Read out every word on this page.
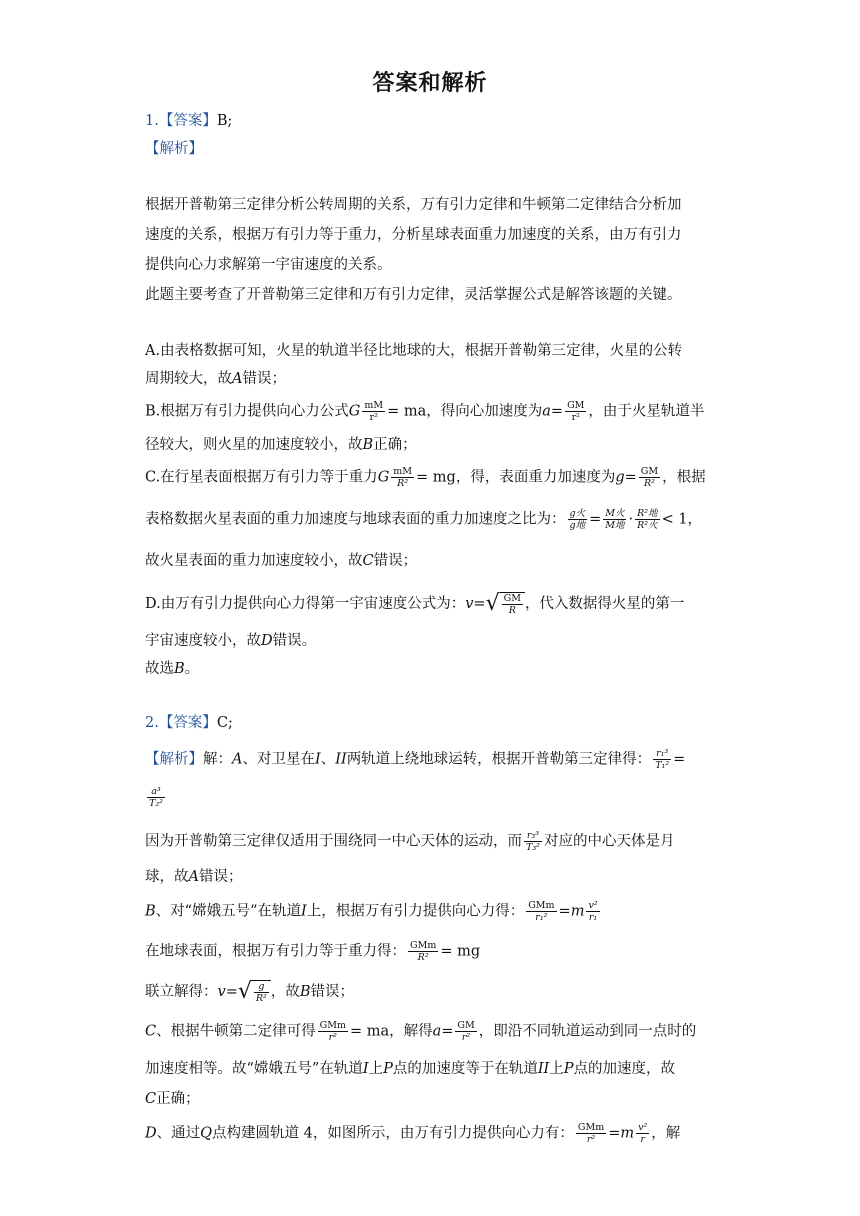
答案和解析
1.【答案】B;
【解析】
根据开普勒第三定律分析公转周期的关系，万有引力定律和牛顿第二定律结合分析加
速度的关系，根据万有引力等于重力，分析星球表面重力加速度的关系，由万有引力
提供向心力求解第一宇宙速度的关系。
此题主要考查了开普勒第三定律和万有引力定律，灵活掌握公式是解答该题的关键。
A.由表格数据可知，火星的轨道半径比地球的大，根据开普勒第三定律，火星的公转
周期较大，故A错误；
B.根据万有引力提供向心力公式G $\frac{mM}{\text{r²}}$ = ma，得向心加速度为$a= \frac{GM}{\text{r²}}$ ，由于火星轨道半
径较大，则火星的加速度较小，故B正确；
C.在行星表面根据万有引力等于重力G $\frac{mM}{\text{R²}}$ = mg，得，表面重力加速度为$g= \frac{GM}{\text{R²}}$ ，根据
表格数据火星表面的重力加速度与地球表面的重力加速度之比为： $\frac{\text{g火}}{\text{g地}} = \frac{\text{M火}}{\text{M地}} \cdot \frac{\text{R²地}}{\text{R²火}} < 1$，
故火星表面的重力加速度较小，故C错误；
D.由万有引力提供向心力得第一宇宙速度公式为：$v=√ \frac{GM}{R}$ ，代入数据得火星的第一
宇宙速度较小，故D错误。
故选B。
2.【答案】C;
【解析】解：A、对卫星在I、II两轨道上绕地球运转，根据开普勒第三定律得： $\frac{\text{r₁³}}{\text{T₁²}}$ =
$\frac{\text{a³}}{\text{T₂²}}$
因为开普勒第三定律仅适用于围绕同一中心天体的运动，而 $\frac{\text{r₃³}}{\text{T₃²}}$ 对应的中心天体是月
球，故A错误；
B、对“嫦娥五号”在轨道I上，根据万有引力提供向心力得： $\frac{\text{GMm}}{\text{r₁²}} =m \frac{\text{v²}}{\text{r₁}}$
在地球表面，根据万有引力等于重力得： $\frac{\text{GMm}}{\text{R²}}$ = mg
联立解得：$v=√ \frac{g}{\text{R²}}$ ，故B错误；
C、根据牛顿第二定律可得 $\frac{\text{GMm}}{\text{r²}}$ = ma，解得$a= \frac{GM}{\text{r²}}$ ，即沿不同轨道运动到同一点时的
加速度相等。故“嫦娥五号”在轨道I上P点的加速度等于在轨道II上P点的加速度，故
C正确；
D、通过Q点构建圆轨道 4，如图所示，由万有引力提供向心力有： $\frac{\text{GMm}}{\text{r²}} =m \frac{\text{v²}}{r}$ ，解
